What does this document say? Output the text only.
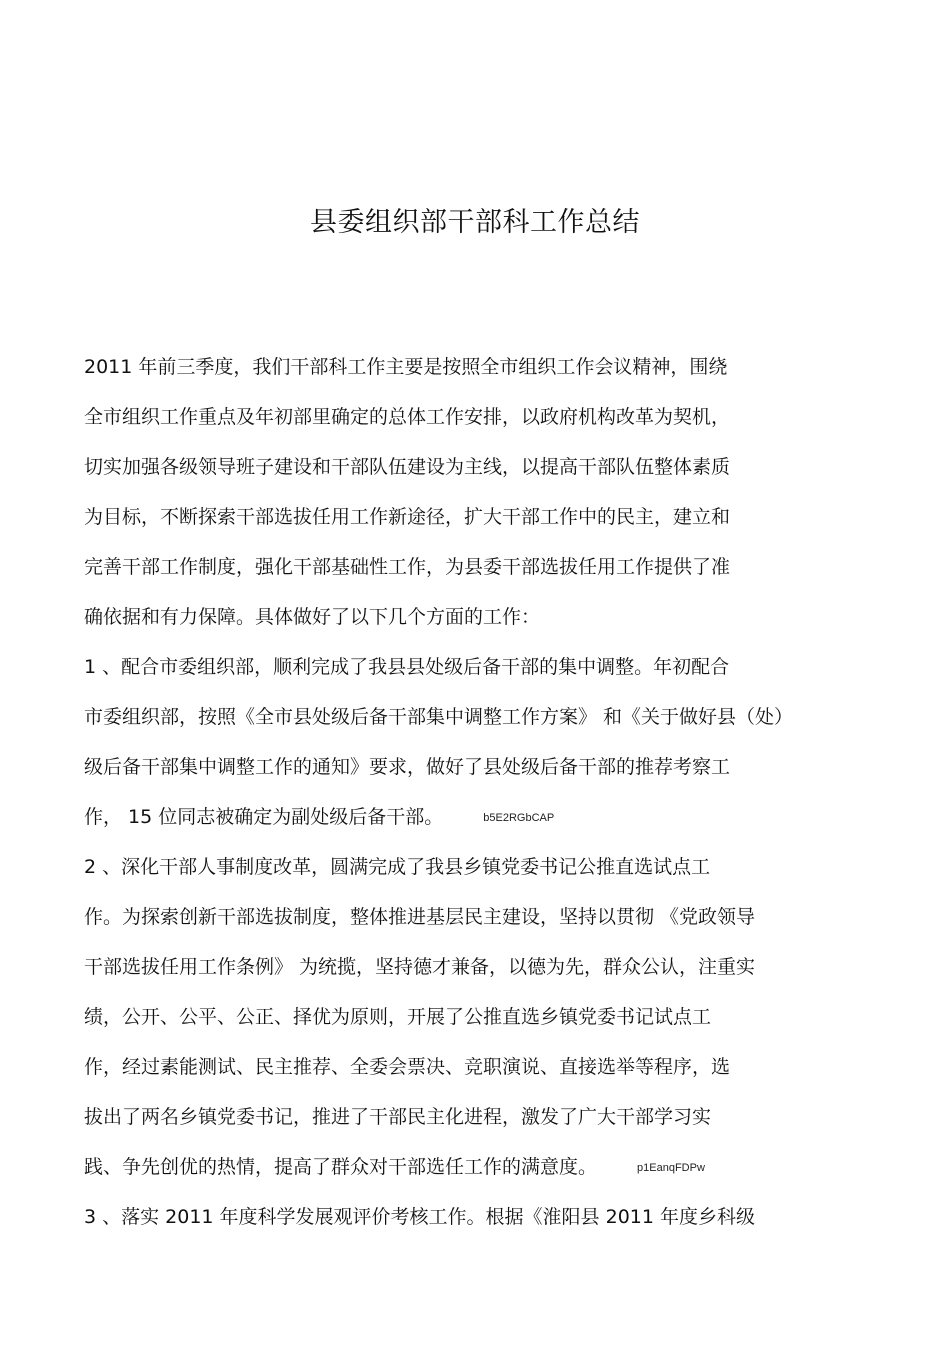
县委组织部干部科工作总结
2011 年前三季度，我们干部科工作主要是按照全市组织工作会议精神，围绕
全市组织工作重点及年初部里确定的总体工作安排，以政府机构改革为契机，
切实加强各级领导班子建设和干部队伍建设为主线，以提高干部队伍整体素质
为目标，不断探索干部选拔任用工作新途径，扩大干部工作中的民主，建立和
完善干部工作制度，强化干部基础性工作，为县委干部选拔任用工作提供了准
确依据和有力保障。具体做好了以下几个方面的工作：
1 、配合市委组织部，顺利完成了我县县处级后备干部的集中调整。年初配合
市委组织部，按照《全市县处级后备干部集中调整工作方案》 和《关于做好县（处）
级后备干部集中调整工作的通知》要求，做好了县处级后备干部的推荐考察工
作， 15 位同志被确定为副处级后备干部。	b5E2RGbCAP
2 、深化干部人事制度改革，圆满完成了我县乡镇党委书记公推直选试点工
作。为探索创新干部选拔制度，整体推进基层民主建设，坚持以贯彻 《党政领导
干部选拔任用工作条例》 为统揽，坚持德才兼备，以德为先，群众公认，注重实
绩，公开、公平、公正、择优为原则，开展了公推直选乡镇党委书记试点工
作，经过素能测试、民主推荐、全委会票决、竞职演说、直接选举等程序，选
拔出了两名乡镇党委书记，推进了干部民主化进程，激发了广大干部学习实
践、争先创优的热情，提高了群众对干部选任工作的满意度。	p1EanqFDPw
3 、落实 2011 年度科学发展观评价考核工作。根据《淮阳县 2011 年度乡科级
